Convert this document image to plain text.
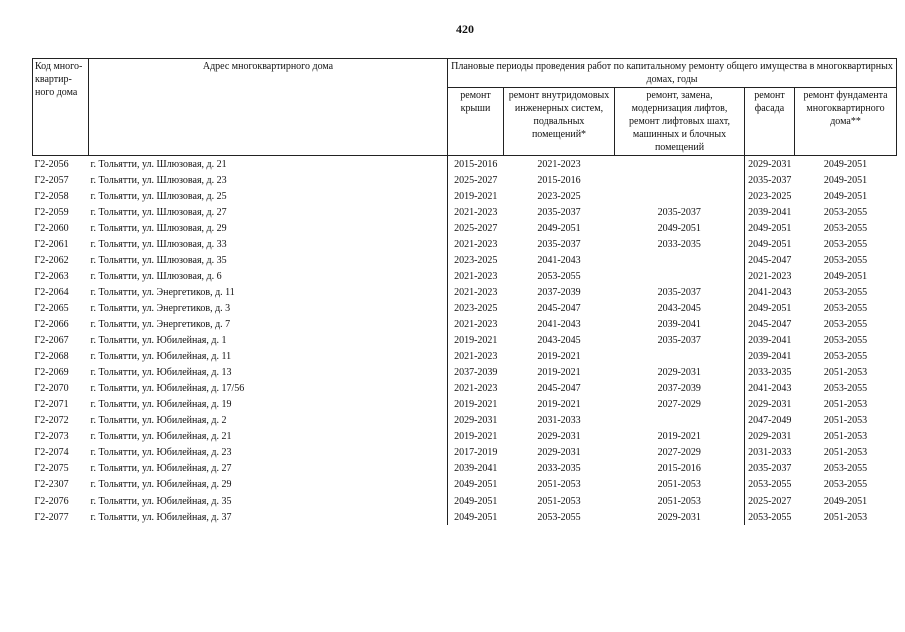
420
Код много-квартир-ного дома	Адрес многоквартирного дома	Плановые периоды проведения работ по капитальному ремонту общего имущества в многоквартирных домах, годы				
		ремонт крыши	ремонт внутридомовых инженерных систем, подвальных помещений*	ремонт, замена, модернизация лифтов, ремонт лифтовых шахт, машинных и блочных помещений	ремонт фасада	ремонт фундамента многоквартирного дома**
Г2-2056	г. Тольятти, ул. Шлюзовая, д. 21	2015-2016	2021-2023		2029-2031	2049-2051
Г2-2057	г. Тольятти, ул. Шлюзовая, д. 23	2025-2027	2015-2016		2035-2037	2049-2051
Г2-2058	г. Тольятти, ул. Шлюзовая, д. 25	2019-2021	2023-2025		2023-2025	2049-2051
Г2-2059	г. Тольятти, ул. Шлюзовая, д. 27	2021-2023	2035-2037	2035-2037	2039-2041	2053-2055
Г2-2060	г. Тольятти, ул. Шлюзовая, д. 29	2025-2027	2049-2051	2049-2051	2049-2051	2053-2055
Г2-2061	г. Тольятти, ул. Шлюзовая, д. 33	2021-2023	2035-2037	2033-2035	2049-2051	2053-2055
Г2-2062	г. Тольятти, ул. Шлюзовая, д. 35	2023-2025	2041-2043		2045-2047	2053-2055
Г2-2063	г. Тольятти, ул. Шлюзовая, д. 6	2021-2023	2053-2055		2021-2023	2049-2051
Г2-2064	г. Тольятти, ул. Энергетиков, д. 11	2021-2023	2037-2039	2035-2037	2041-2043	2053-2055
Г2-2065	г. Тольятти, ул. Энергетиков, д. 3	2023-2025	2045-2047	2043-2045	2049-2051	2053-2055
Г2-2066	г. Тольятти, ул. Энергетиков, д. 7	2021-2023	2041-2043	2039-2041	2045-2047	2053-2055
Г2-2067	г. Тольятти, ул. Юбилейная, д. 1	2019-2021	2043-2045	2035-2037	2039-2041	2053-2055
Г2-2068	г. Тольятти, ул. Юбилейная, д. 11	2021-2023	2019-2021		2039-2041	2053-2055
Г2-2069	г. Тольятти, ул. Юбилейная, д. 13	2037-2039	2019-2021	2029-2031	2033-2035	2051-2053
Г2-2070	г. Тольятти, ул. Юбилейная, д. 17/56	2021-2023	2045-2047	2037-2039	2041-2043	2053-2055
Г2-2071	г. Тольятти, ул. Юбилейная, д. 19	2019-2021	2019-2021	2027-2029	2029-2031	2051-2053
Г2-2072	г. Тольятти, ул. Юбилейная, д. 2	2029-2031	2031-2033		2047-2049	2051-2053
Г2-2073	г. Тольятти, ул. Юбилейная, д. 21	2019-2021	2029-2031	2019-2021	2029-2031	2051-2053
Г2-2074	г. Тольятти, ул. Юбилейная, д. 23	2017-2019	2029-2031	2027-2029	2031-2033	2051-2053
Г2-2075	г. Тольятти, ул. Юбилейная, д. 27	2039-2041	2033-2035	2015-2016	2035-2037	2053-2055
Г2-2307	г. Тольятти, ул. Юбилейная, д. 29	2049-2051	2051-2053	2051-2053	2053-2055	2053-2055
Г2-2076	г. Тольятти, ул. Юбилейная, д. 35	2049-2051	2051-2053	2051-2053	2025-2027	2049-2051
Г2-2077	г. Тольятти, ул. Юбилейная, д. 37	2049-2051	2053-2055	2029-2031	2053-2055	2051-2053
